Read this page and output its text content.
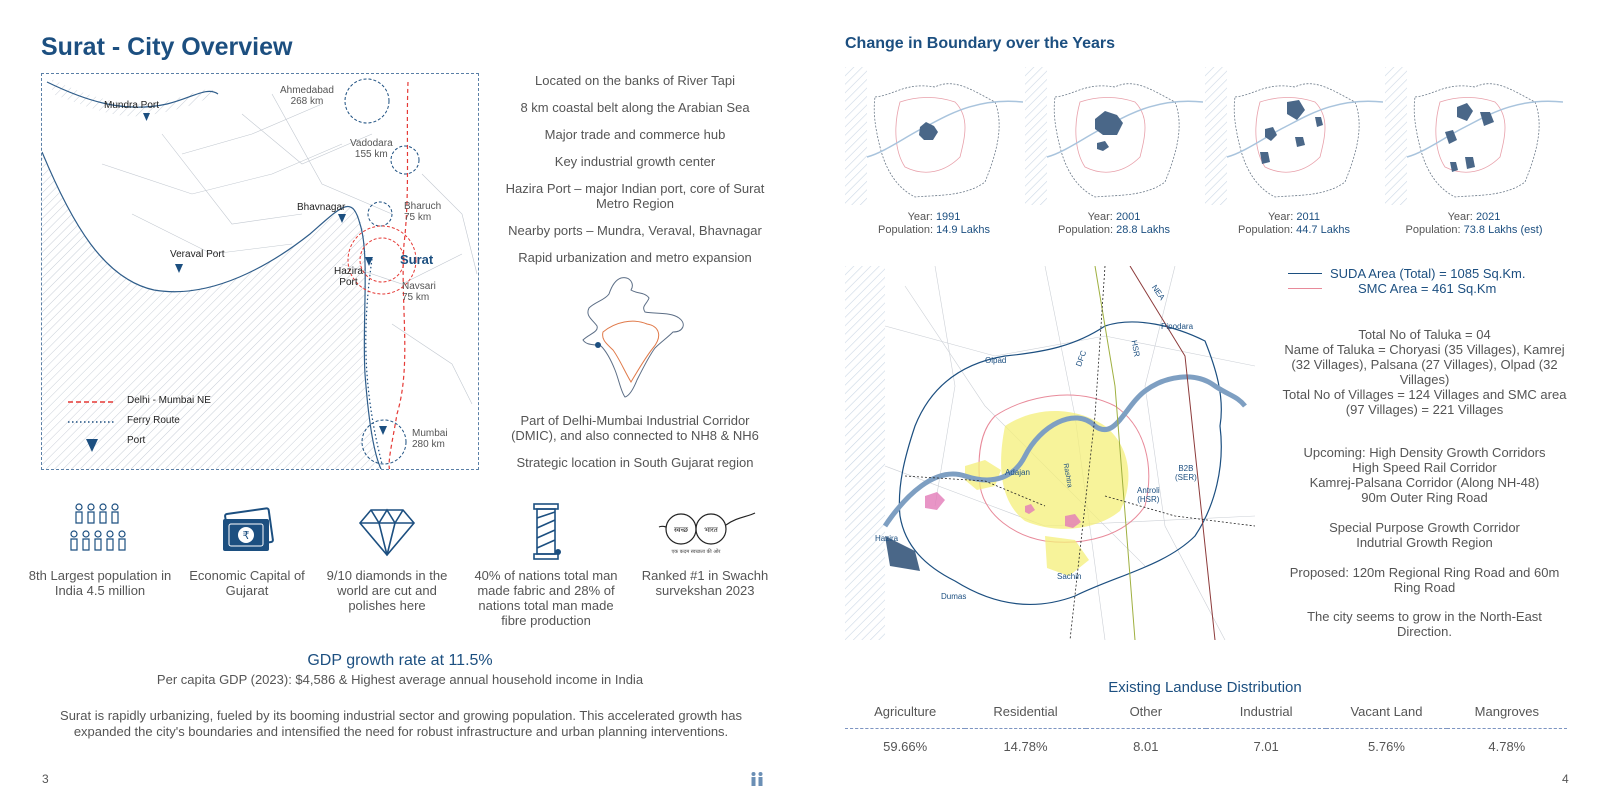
Surat - City Overview
Mundra Port
Ahmedabad
268 km
Vadodara
155 km
Bhavnagar	Bharuch
75 km
Veraval Port	Surat
Hazira
Port	Navsari
75 km
Mumbai
280 km
Delhi - Mumbai NE
Ferry Route
Port
Located on the banks of River Tapi
8 km coastal belt along the Arabian Sea
Major trade and commerce hub
Key industrial growth center
Hazira Port – major Indian port, core of Surat Metro Region
Nearby ports – Mundra, Veraval, Bhavnagar
Rapid urbanization and metro expansion
Part of Delhi-Mumbai Industrial Corridor (DMIC), and also connected to NH8 & NH6
Strategic location in South Gujarat region
8th Largest population in India 4.5 million
₹
Economic Capital of Gujarat
9/10 diamonds in the world are cut and polishes here
40% of nations total man made fabric and 28% of nations total man made fibre production
स्वच्छ भारत
एक कदम स्वच्छता की ओर
Ranked #1 in Swachh survekshan 2023
GDP growth rate at 11.5%
Per capita GDP (2023): $4,586 & Highest average annual household income in India
Surat is rapidly urbanizing, fueled by its booming industrial sector and growing population. This accelerated growth has expanded the city's boundaries and intensified the need for robust infrastructure and urban planning interventions.
3
Change in Boundary over the Years
Year: 1991
Population: 14.9 Lakhs
Year: 2001
Population: 28.8 Lakhs
Year: 2011
Population: 44.7 Lakhs
Year: 2021
Population: 73.8 Lakhs (est)
NEA
Pipodara
Olpad	DFC
HSR
Adajan	Rashtra	B2B
(SER)
Antroli
(HSR)
Hazira
Dumas
Sachin
SUDA Area (Total) = 1085 Sq.Km.
SMC Area = 461 Sq.Km
Total No of Taluka = 04
Name of Taluka = Choryasi (35 Villages), Kamrej (32 Villages), Palsana (27 Villages), Olpad (32 Villages)
Total No of Villages = 124 Villages and SMC area (97 Villages) = 221 Villages
Upcoming: High Density Growth Corridors
High Speed Rail Corridor
Kamrej-Palsana Corridor (Along NH-48)
90m Outer Ring Road
Special Purpose Growth Corridor
Indutrial Growth Region
Proposed: 120m Regional Ring Road and 60m Ring Road
The city seems to grow in the North-East Direction.
Existing Landuse Distribution
Agriculture	Residential	Other	Industrial	Vacant Land	Mangroves
59.66%	14.78%	8.01	7.01	5.76%	4.78%
4
